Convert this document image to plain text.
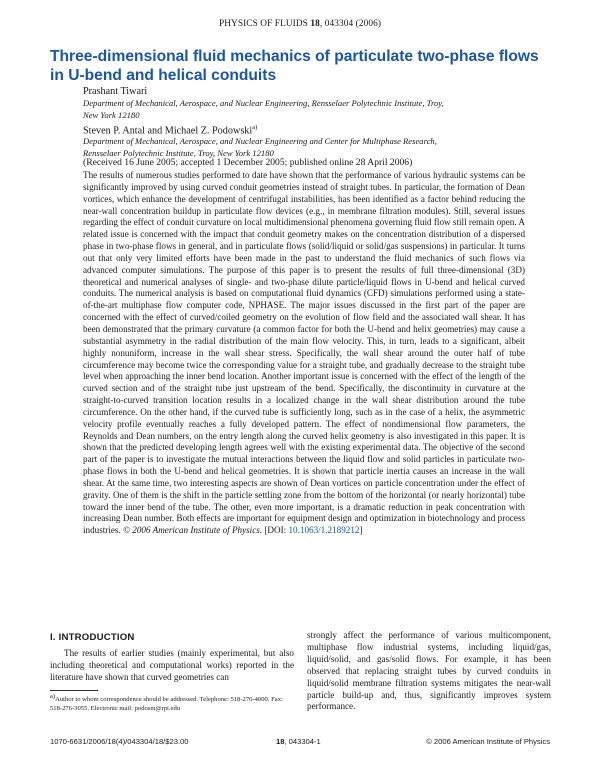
PHYSICS OF FLUIDS 18, 043304 (2006)
Three-dimensional fluid mechanics of particulate two-phase flows
in U-bend and helical conduits
Prashant Tiwari
Department of Mechanical, Aerospace, and Nuclear Engineering, Rensselaer Polytechnic Institute, Troy,
New York 12180
Steven P. Antal and Michael Z. Podowski$^{a)}$
Department of Mechanical, Aerospace, and Nuclear Engineering and Center for Multiphase Research,
Rensselaer Polytechnic Institute, Troy, New York 12180
(Received 16 June 2005; accepted 1 December 2005; published online 28 April 2006)
The results of numerous studies performed to date have shown that the performance of various hydraulic systems can be significantly improved by using curved conduit geometries instead of straight tubes. In particular, the formation of Dean vortices, which enhance the development of centrifugal instabilities, has been identified as a factor behind reducing the near-wall concentration buildup in particulate flow devices (e.g., in membrane filtration modules). Still, several issues regarding the effect of conduit curvature on local multidimensional phenomena governing fluid flow still remain open. A related issue is concerned with the impact that conduit geometry makes on the concentration distribution of a dispersed phase in two-phase flows in general, and in particulate flows (solid/liquid or solid/gas suspensions) in particular. It turns out that only very limited efforts have been made in the past to understand the fluid mechanics of such flows via advanced computer simulations. The purpose of this paper is to present the results of full three-dimensional (3D) theoretical and numerical analyses of single- and two-phase dilute particle/liquid flows in U-bend and helical curved conduits. The numerical analysis is based on computational fluid dynamics (CFD) simulations performed using a state-of-the-art multiphase flow computer code, NPHASE. The major issues discussed in the first part of the paper are concerned with the effect of curved/coiled geometry on the evolution of flow field and the associated wall shear. It has been demonstrated that the primary curvature (a common factor for both the U-bend and helix geometries) may cause a substantial asymmetry in the radial distribution of the main flow velocity. This, in turn, leads to a significant, albeit highly nonuniform, increase in the wall shear stress. Specifically, the wall shear around the outer half of tube circumference may become twice the corresponding value for a straight tube, and gradually decrease to the straight tube level when approaching the inner bend location. Another important issue is concerned with the effect of the length of the curved section and of the straight tube just upstream of the bend. Specifically, the discontinuity in curvature at the straight-to-curved transition location results in a localized change in the wall shear distribution around the tube circumference. On the other hand, if the curved tube is sufficiently long, such as in the case of a helix, the asymmetric velocity profile eventually reaches a fully developed pattern. The effect of nondimensional flow parameters, the Reynolds and Dean numbers, on the entry length along the curved helix geometry is also investigated in this paper. It is shown that the predicted developing length agrees well with the existing experimental data. The objective of the second part of the paper is to investigate the mutual interactions between the liquid flow and solid particles in particulate two-phase flows in both the U-bend and helical geometries. It is shown that particle inertia causes an increase in the wall shear. At the same time, two interesting aspects are shown of Dean vortices on particle concentration under the effect of gravity. One of them is the shift in the particle settling zone from the bottom of the horizontal (or nearly horizontal) tube toward the inner bend of the tube. The other, even more important, is a dramatic reduction in peak concentration with increasing Dean number. Both effects are important for equipment design and optimization in biotechnology and process industries. © 2006 American Institute of Physics. [DOI: 10.1063/1.2189212]
I. INTRODUCTION
The results of earlier studies (mainly experimental, but also including theoretical and computational works) reported in the literature have shown that curved geometries can
strongly affect the performance of various multicomponent, multiphase flow industrial systems, including liquid/gas, liquid/solid, and gas/solid flows. For example, it has been observed that replacing straight tubes by curved conduits in liquid/solid membrane filtration systems mitigates the near-wall particle build-up and, thus, significantly improves system performance.
$^{a)}$Author to whom correspondence should be addressed. Telephone: 518-276-4000. Fax: 518-276-3055. Electronic mail: podosm@rpi.edu
1070-6631/2006/18(4)/043304/18/$23.00	18, 043304-1	© 2006 American Institute of Physics
